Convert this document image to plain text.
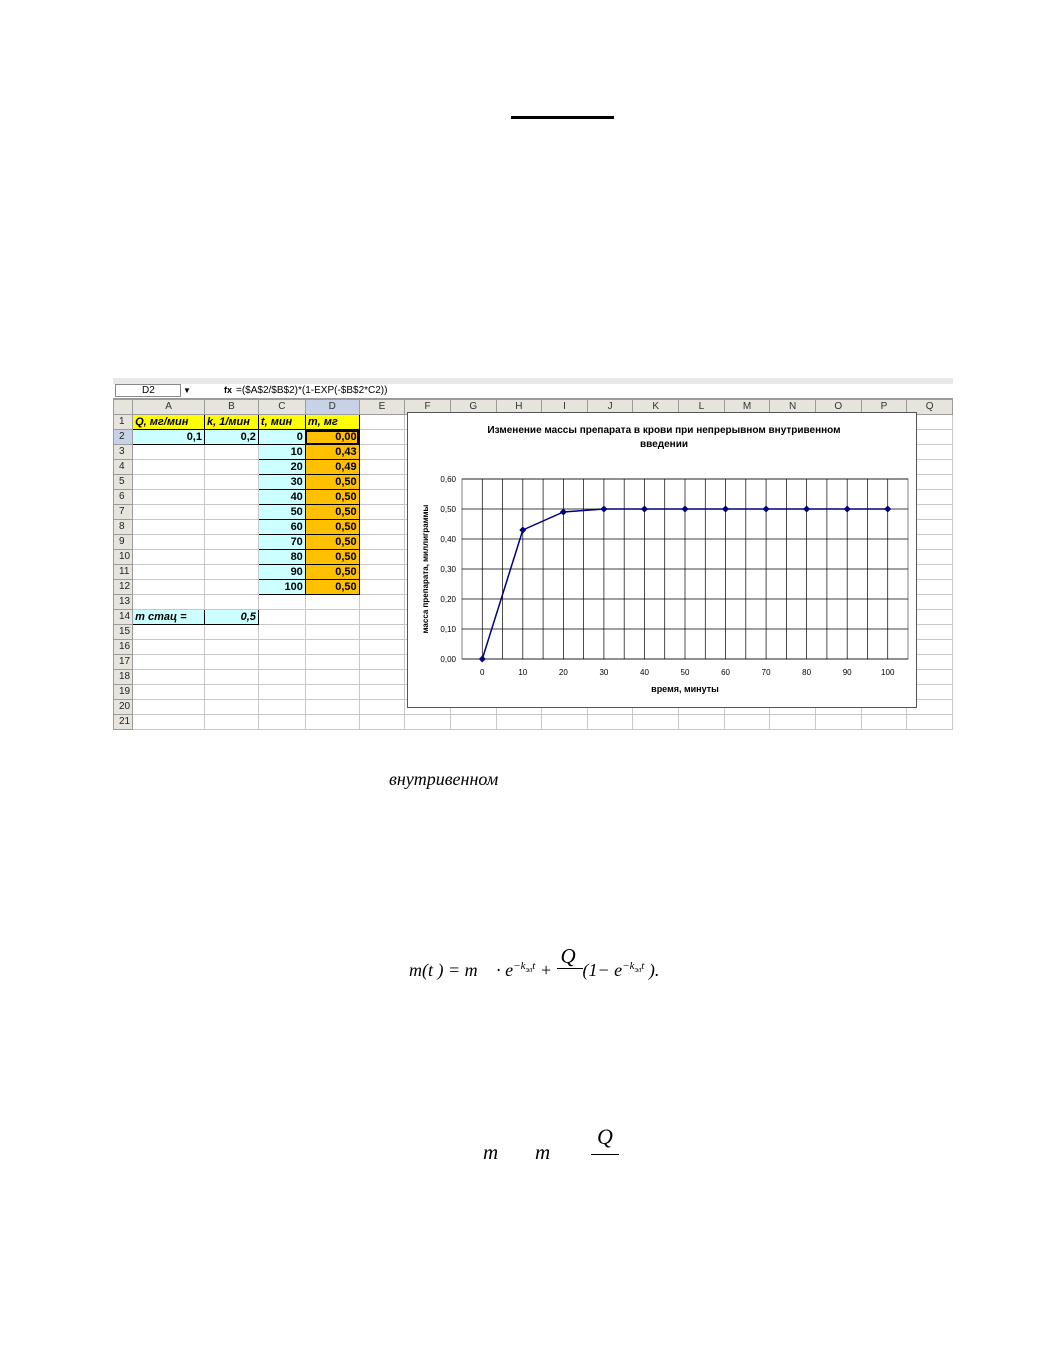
D2	▼	fx =($A$2/$B$2)*(1-EXP(-$B$2*C2))
	A	B	C	D	E	F	G	H	I	J	K	L	M	N	O	P	Q
1	Q, мг/мин	k, 1/мин	t, мин	m, мг													
2	0,1	0,2	0	0,00													
3			10	0,43													
4			20	0,49													
5			30	0,50													
6			40	0,50													
7			50	0,50													
8			60	0,50													
9			70	0,50													
10			80	0,50													
11			90	0,50													
12			100	0,50													
13																	
14	m стац =	0,5															
15																	
16																	
17																	
18																	
19																	
20																	
21																	
Изменение массы препарата в крови при непрерывном внутривенном
введении
0,00
0,10
0,20
0,30
0,40
0,50
0,60
0	10	20	30	40	50	60	70	80	90	100
время, минуты
масса препарата, миллиграммы
внутривенном
m(t ) = $m \cdot e^{-k_{эл}t}$ +
Q
($1- e^{-k_{эл}t}$ ).
m m
Q
